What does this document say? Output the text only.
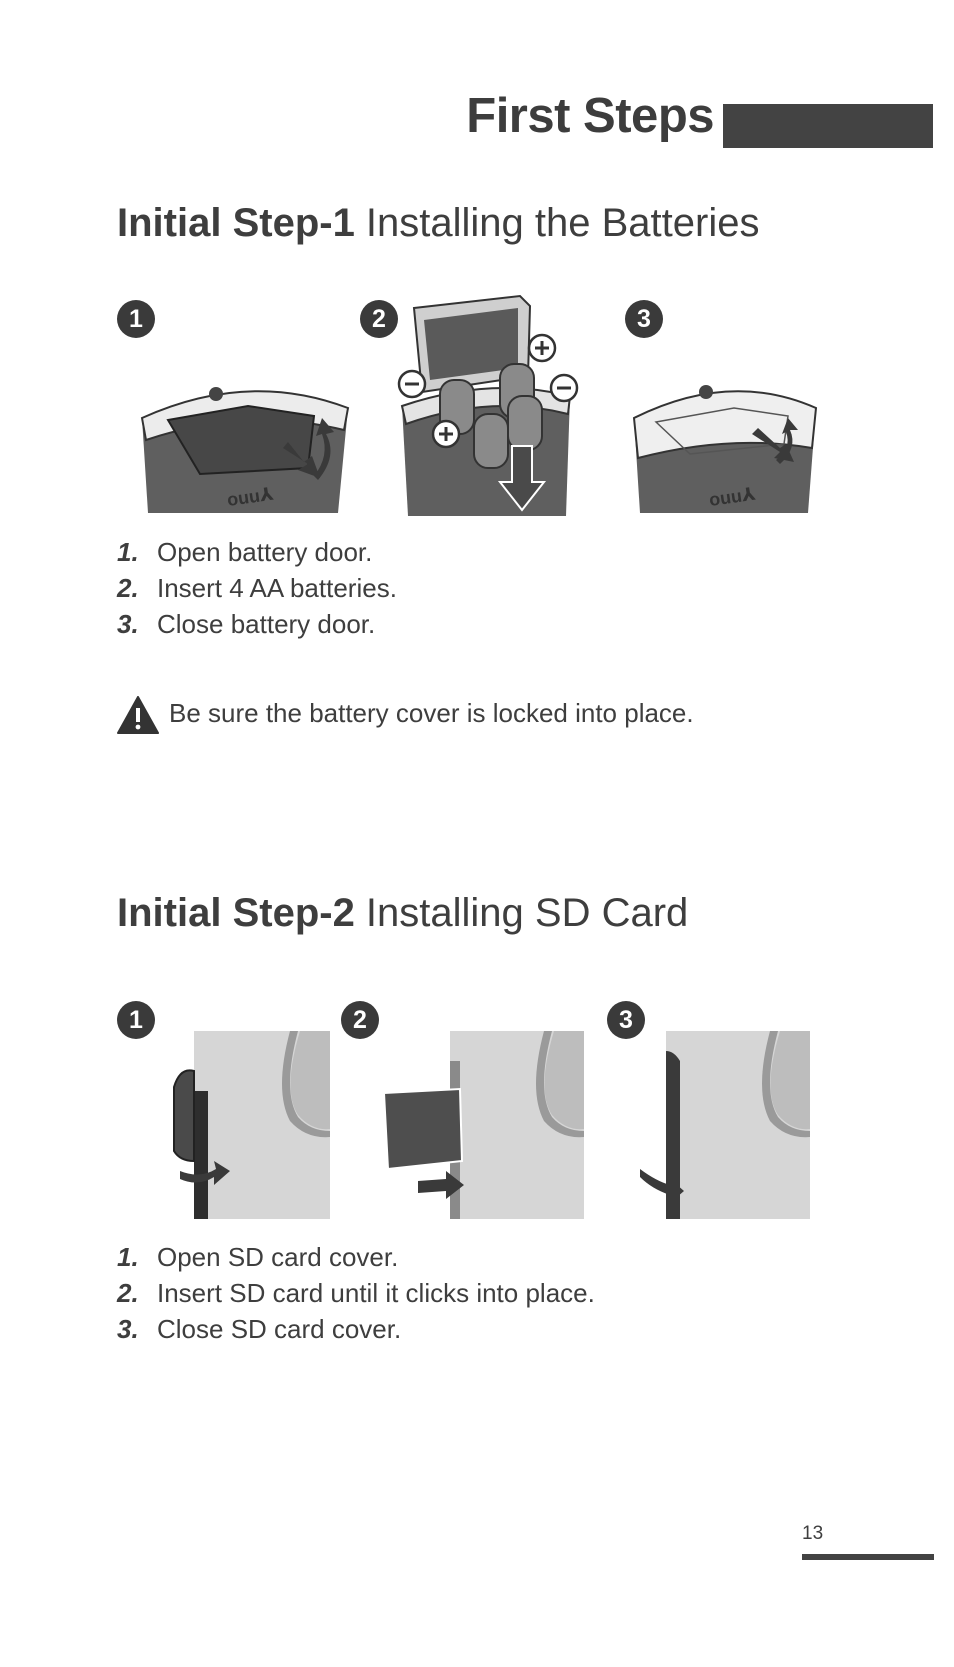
First Steps
Initial Step-1 Installing the Batteries
1	2	3
ouu⅄	ouu⅄
1. Open battery door.
2. Insert 4 AA batteries.
3. Close battery door.
Be sure the battery cover is locked into place.
Initial Step-2 Installing SD Card
1	2	3
1. Open SD card cover.
2. Insert SD card until it clicks into place.
3. Close SD card cover.
13
